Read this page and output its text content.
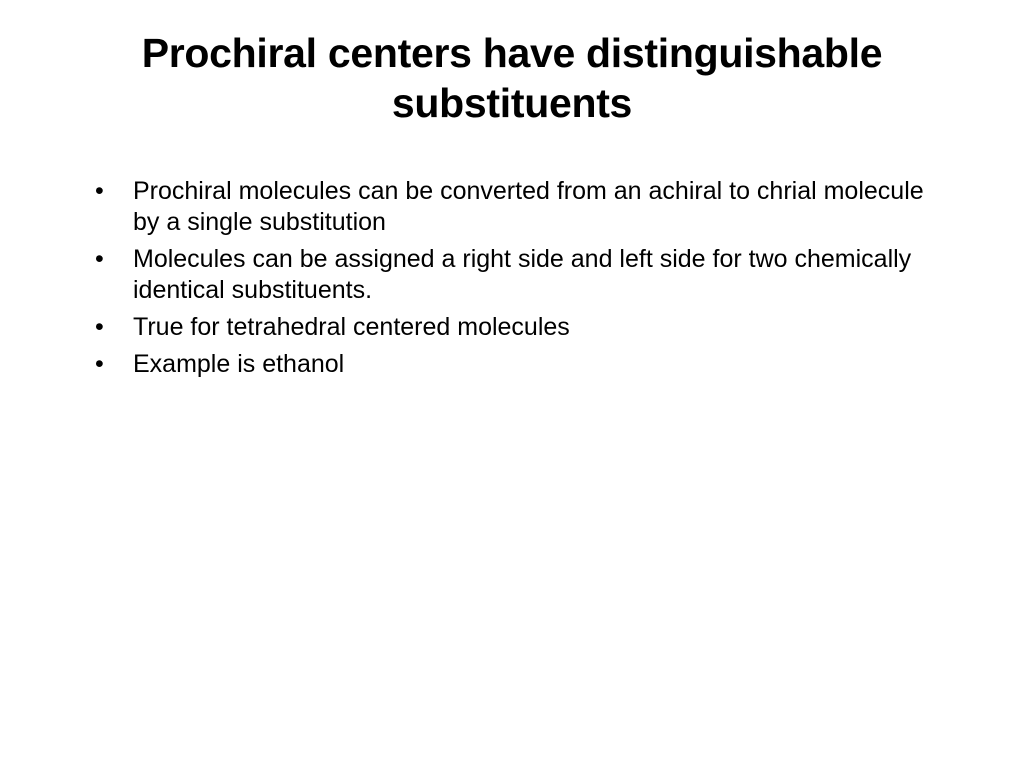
Prochiral centers have distinguishable substituents
•	Prochiral molecules can be converted from an achiral to chrial molecule by a single substitution
•	Molecules can be assigned a right side and left side for two chemically identical substituents.
•	True for tetrahedral centered molecules
•	Example is ethanol
